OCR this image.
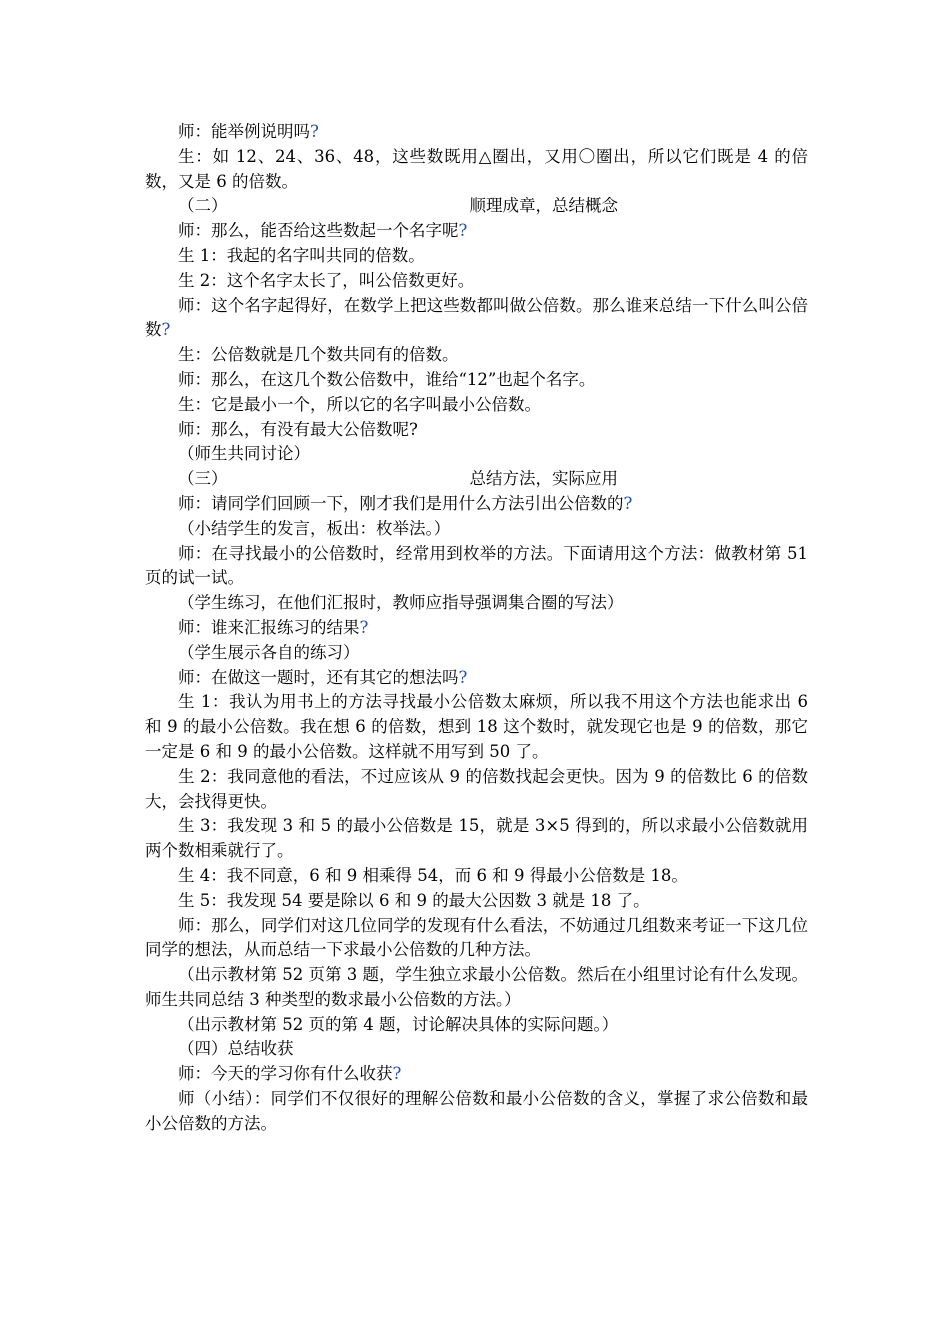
师：能举例说明吗?

生：如 12、24、36、48，这些数既用△圈出，又用〇圈出，所以它们既是 4 的倍数，又是 6 的倍数。

（二）	顺理成章，总结概念

师：那么，能否给这些数起一个名字呢?

生 1：我起的名字叫共同的倍数。

生 2：这个名字太长了，叫公倍数更好。

师：这个名字起得好，在数学上把这些数都叫做公倍数。那么谁来总结一下什么叫公倍数?

生：公倍数就是几个数共同有的倍数。

师：那么，在这几个数公倍数中，谁给“12”也起个名字。

生：它是最小一个，所以它的名字叫最小公倍数。

师：那么，有没有最大公倍数呢?

（师生共同讨论）

（三）	总结方法，实际应用

师：请同学们回顾一下，刚才我们是用什么方法引出公倍数的?

（小结学生的发言，板出：枚举法。）

师：在寻找最小的公倍数时，经常用到枚举的方法。下面请用这个方法：做教材第 51 页的试一试。

（学生练习，在他们汇报时，教师应指导强调集合圈的写法）

师：谁来汇报练习的结果?

（学生展示各自的练习）

师：在做这一题时，还有其它的想法吗?

生 1：我认为用书上的方法寻找最小公倍数太麻烦，所以我不用这个方法也能求出 6 和 9 的最小公倍数。我在想 6 的倍数，想到 18 这个数时，就发现它也是 9 的倍数，那它一定是 6 和 9 的最小公倍数。这样就不用写到 50 了。

生 2：我同意他的看法，不过应该从 9 的倍数找起会更快。因为 9 的倍数比 6 的倍数大，会找得更快。

生 3：我发现 3 和 5 的最小公倍数是 15，就是 3×5 得到的，所以求最小公倍数就用两个数相乘就行了。

生 4：我不同意，6 和 9 相乘得 54，而 6 和 9 得最小公倍数是 18。

生 5：我发现 54 要是除以 6 和 9 的最大公因数 3 就是 18 了。

师：那么，同学们对这几位同学的发现有什么看法，不妨通过几组数来考证一下这几位同学的想法，从而总结一下求最小公倍数的几种方法。

（出示教材第 52 页第 3 题，学生独立求最小公倍数。然后在小组里讨论有什么发现。师生共同总结 3 种类型的数求最小公倍数的方法。）

（出示教材第 52 页的第 4 题，讨论解决具体的实际问题。）

（四）总结收获

师：今天的学习你有什么收获?

师（小结）：同学们不仅很好的理解公倍数和最小公倍数的含义，掌握了求公倍数和最小公倍数的方法。
